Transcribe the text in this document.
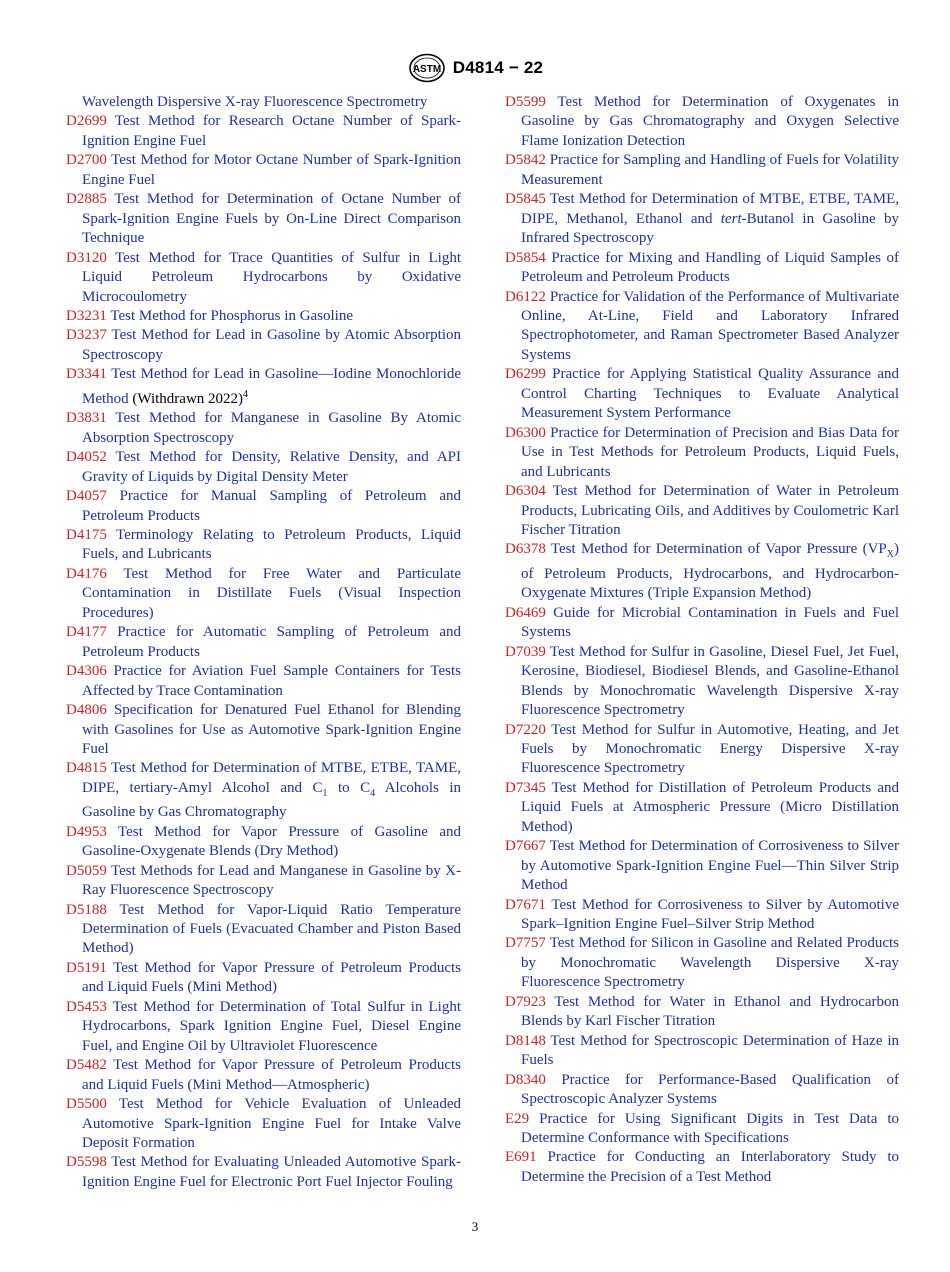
ASTM D4814 − 22

Wavelength Dispersive X-ray Fluorescence Spectrometry

D2699 Test Method for Research Octane Number of Spark-Ignition Engine Fuel

D2700 Test Method for Motor Octane Number of Spark-Ignition Engine Fuel

D2885 Test Method for Determination of Octane Number of Spark-Ignition Engine Fuels by On-Line Direct Comparison Technique

D3120 Test Method for Trace Quantities of Sulfur in Light Liquid Petroleum Hydrocarbons by Oxidative Microcoulometry

D3231 Test Method for Phosphorus in Gasoline

D3237 Test Method for Lead in Gasoline by Atomic Absorption Spectroscopy

D3341 Test Method for Lead in Gasoline—Iodine Monochloride Method (Withdrawn 2022)$^4$

D3831 Test Method for Manganese in Gasoline By Atomic Absorption Spectroscopy

D4052 Test Method for Density, Relative Density, and API Gravity of Liquids by Digital Density Meter

D4057 Practice for Manual Sampling of Petroleum and Petroleum Products

D4175 Terminology Relating to Petroleum Products, Liquid Fuels, and Lubricants

D4176 Test Method for Free Water and Particulate Contamination in Distillate Fuels (Visual Inspection Procedures)

D4177 Practice for Automatic Sampling of Petroleum and Petroleum Products

D4306 Practice for Aviation Fuel Sample Containers for Tests Affected by Trace Contamination

D4806 Specification for Denatured Fuel Ethanol for Blending with Gasolines for Use as Automotive Spark-Ignition Engine Fuel

D4815 Test Method for Determination of MTBE, ETBE, TAME, DIPE, tertiary-Amyl Alcohol and $C_1$ to $C_4$ Alcohols in Gasoline by Gas Chromatography

D4953 Test Method for Vapor Pressure of Gasoline and Gasoline-Oxygenate Blends (Dry Method)

D5059 Test Methods for Lead and Manganese in Gasoline by X-Ray Fluorescence Spectroscopy

D5188 Test Method for Vapor-Liquid Ratio Temperature Determination of Fuels (Evacuated Chamber and Piston Based Method)

D5191 Test Method for Vapor Pressure of Petroleum Products and Liquid Fuels (Mini Method)

D5453 Test Method for Determination of Total Sulfur in Light Hydrocarbons, Spark Ignition Engine Fuel, Diesel Engine Fuel, and Engine Oil by Ultraviolet Fluorescence

D5482 Test Method for Vapor Pressure of Petroleum Products and Liquid Fuels (Mini Method—Atmospheric)

D5500 Test Method for Vehicle Evaluation of Unleaded Automotive Spark-Ignition Engine Fuel for Intake Valve Deposit Formation

D5598 Test Method for Evaluating Unleaded Automotive Spark-Ignition Engine Fuel for Electronic Port Fuel Injector Fouling

D5599 Test Method for Determination of Oxygenates in Gasoline by Gas Chromatography and Oxygen Selective Flame Ionization Detection

D5842 Practice for Sampling and Handling of Fuels for Volatility Measurement

D5845 Test Method for Determination of MTBE, ETBE, TAME, DIPE, Methanol, Ethanol and tert-Butanol in Gasoline by Infrared Spectroscopy

D5854 Practice for Mixing and Handling of Liquid Samples of Petroleum and Petroleum Products

D6122 Practice for Validation of the Performance of Multivariate Online, At-Line, Field and Laboratory Infrared Spectrophotometer, and Raman Spectrometer Based Analyzer Systems

D6299 Practice for Applying Statistical Quality Assurance and Control Charting Techniques to Evaluate Analytical Measurement System Performance

D6300 Practice for Determination of Precision and Bias Data for Use in Test Methods for Petroleum Products, Liquid Fuels, and Lubricants

D6304 Test Method for Determination of Water in Petroleum Products, Lubricating Oils, and Additives by Coulometric Karl Fischer Titration

D6378 Test Method for Determination of Vapor Pressure $(VP_X)$ of Petroleum Products, Hydrocarbons, and Hydrocarbon-Oxygenate Mixtures (Triple Expansion Method)

D6469 Guide for Microbial Contamination in Fuels and Fuel Systems

D7039 Test Method for Sulfur in Gasoline, Diesel Fuel, Jet Fuel, Kerosine, Biodiesel, Biodiesel Blends, and Gasoline-Ethanol Blends by Monochromatic Wavelength Dispersive X-ray Fluorescence Spectrometry

D7220 Test Method for Sulfur in Automotive, Heating, and Jet Fuels by Monochromatic Energy Dispersive X-ray Fluorescence Spectrometry

D7345 Test Method for Distillation of Petroleum Products and Liquid Fuels at Atmospheric Pressure (Micro Distillation Method)

D7667 Test Method for Determination of Corrosiveness to Silver by Automotive Spark-Ignition Engine Fuel—Thin Silver Strip Method

D7671 Test Method for Corrosiveness to Silver by Automotive Spark–Ignition Engine Fuel–Silver Strip Method

D7757 Test Method for Silicon in Gasoline and Related Products by Monochromatic Wavelength Dispersive X-ray Fluorescence Spectrometry

D7923 Test Method for Water in Ethanol and Hydrocarbon Blends by Karl Fischer Titration

D8148 Test Method for Spectroscopic Determination of Haze in Fuels

D8340 Practice for Performance-Based Qualification of Spectroscopic Analyzer Systems

E29 Practice for Using Significant Digits in Test Data to Determine Conformance with Specifications

E691 Practice for Conducting an Interlaboratory Study to Determine the Precision of a Test Method

3
